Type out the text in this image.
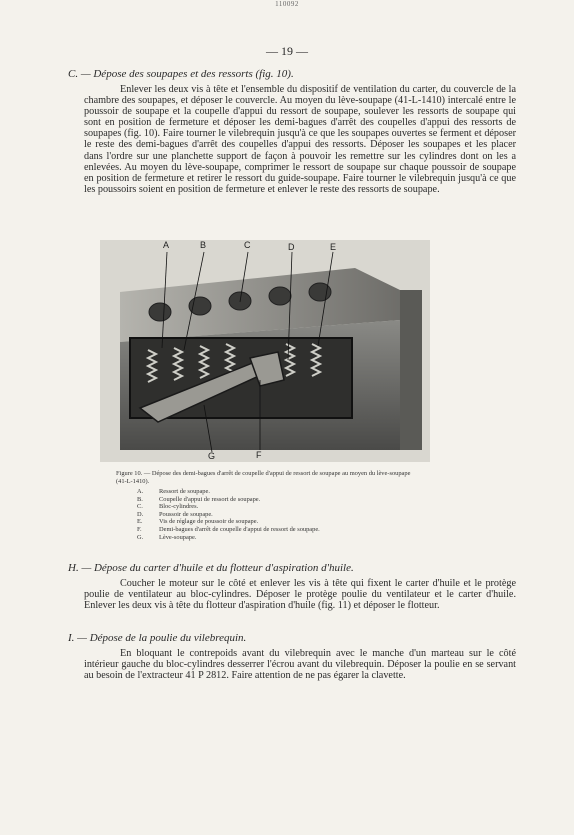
110092
— 19 —
C. — Dépose des soupapes et des ressorts (fig. 10).

Enlever les deux vis à tête et l'ensemble du dispositif de ventilation du carter, du couvercle de la chambre des soupapes, et déposer le couvercle. Au moyen du lève-soupape (41-L-1410) intercalé entre le poussoir de soupape et la coupelle d'appui du ressort de soupape, soulever les ressorts de soupape qui sont en position de fermeture et déposer les demi-bagues d'arrêt des coupelles d'appui des ressorts de soupapes (fig. 10). Faire tourner le vilebrequin jusqu'à ce que les soupapes ouvertes se ferment et déposer le reste des demi-bagues d'arrêt des coupelles d'appui des ressorts. Déposer les soupapes et les placer dans l'ordre sur une planchette support de façon à pouvoir les remettre sur les cylindres dont on les a enlevées. Au moyen du lève-soupape, comprimer le ressort de soupape sur chaque poussoir de soupape en position de fermeture et retirer le ressort du guide-soupape. Faire tourner le vilebrequin jusqu'à ce que les poussoirs soient en position de fermeture et enlever le reste des ressorts de soupape.

A	B	C	D	E
F
G
Figure 10. — Dépose des demi-bagues d'arrêt de coupelle d'appui de ressort de soupape au moyen du lève-soupape (41-L-1410).
A. Ressort de soupape.
B.	Coupelle d'appui de ressort de soupape.
C.	Bloc-cylindres.
D. Poussoir de soupape.
E.	Vis de réglage de poussoir de soupape.
F.	Demi-bagues d'arrêt de coupelle d'appui de ressort de soupape.
G. Lève-soupape.
H. — Dépose du carter d'huile et du flotteur d'aspiration d'huile.

Coucher le moteur sur le côté et enlever les vis à tête qui fixent le carter d'huile et le protège poulie de ventilateur au bloc-cylindres. Déposer le protège poulie du ventilateur et le carter d'huile. Enlever les deux vis à tête du flotteur d'aspiration d'huile (fig. 11) et déposer le flotteur.

I. — Dépose de la poulie du vilebrequin.

En bloquant le contrepoids avant du vilebrequin avec le manche d'un marteau sur le côté intérieur gauche du bloc-cylindres desserrer l'écrou avant du vilebrequin. Déposer la poulie en se servant au besoin de l'extracteur 41 P 2812. Faire attention de ne pas égarer la clavette.
